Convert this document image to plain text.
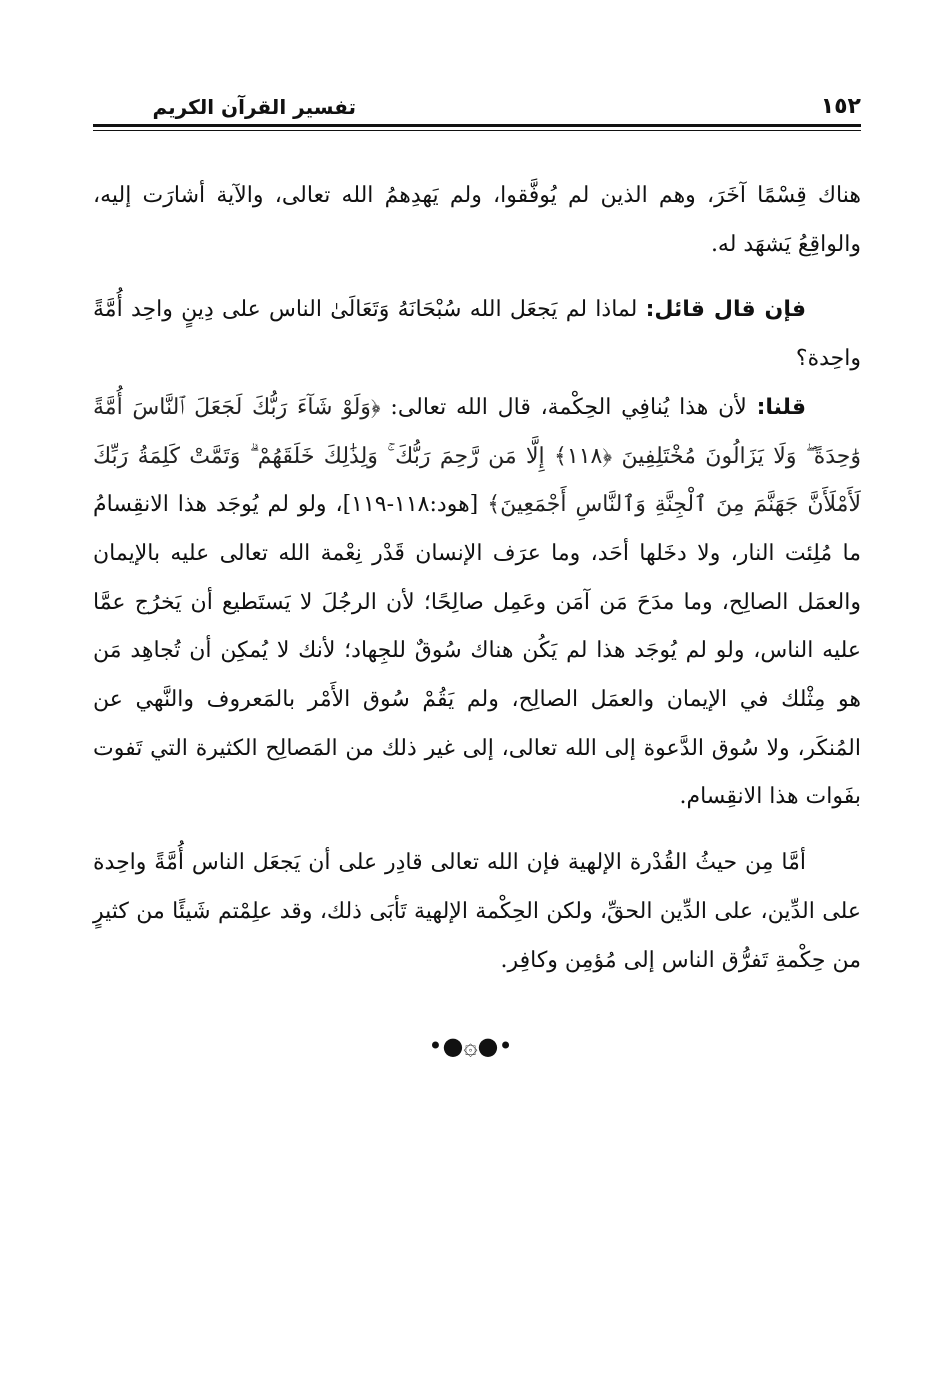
١٥٢
تفسير القرآن الكريم

هناك قِسْمًا آخَرَ، وهم الذين لم يُوفَّقوا، ولم يَهدِهمُ الله تعالى، والآية أشارَت إليه، والواقِعُ يَشهَد له.

فإن قال قائل: لماذا لم يَجعَل الله سُبْحَانَهُ وَتَعَالَىٰ الناس على دِينٍ واحِد أُمَّةً واحِدة؟

قلنا: لأن هذا يُنافِي الحِكْمة، قال الله تعالى: ﴿وَلَوْ شَآءَ رَبُّكَ لَجَعَلَ ٱلنَّاسَ أُمَّةً وَٰحِدَةً ۖ وَلَا يَزَالُونَ مُخْتَلِفِينَ ﴿١١٨﴾ إِلَّا مَن رَّحِمَ رَبُّكَ ۚ وَلِذَٰلِكَ خَلَقَهُمْ ۗ وَتَمَّتْ كَلِمَةُ رَبِّكَ لَأَمْلَأَنَّ جَهَنَّمَ مِنَ ٱلْجِنَّةِ وَٱلنَّاسِ أَجْمَعِينَ﴾ [هود:١١٨-١١٩]، ولو لم يُوجَد هذا الانقِسامُ ما مُلِئت النار، ولا دخَلها أحَد، وما عرَف الإنسان قَدْر نِعْمة الله تعالى عليه بالإيمان والعمَل الصالِح، وما مدَحَ مَن آمَن وعَمِل صالِحًا؛ لأن الرجُلَ لا يَستَطيع أن يَخرُج عمَّا عليه الناس، ولو لم يُوجَد هذا لم يَكُن هناك سُوقٌ للجِهاد؛ لأنك لا يُمكِن أن تُجاهِد مَن هو مِثْلك في الإيمان والعمَل الصالِح، ولم يَقُمْ سُوق الأَمْر بالمَعروف والنَّهي عن المُنكَر، ولا سُوق الدَّعوة إلى الله تعالى، إلى غير ذلك من المَصالِح الكثيرة التي تَفوت بفَوات هذا الانقِسام.

أمَّا مِن حيثُ القُدْرة الإلهية فإن الله تعالى قادِر على أن يَجعَل الناس أُمَّةً واحِدة على الدِّين، على الدِّين الحقِّ، ولكن الحِكْمة الإلهية تَأبَى ذلك، وقد علِمْتم شَيئًا من كثيرٍ من حِكْمةِ تَفرُّق الناس إلى مُؤمِن وكافِر.

•●۞●•
